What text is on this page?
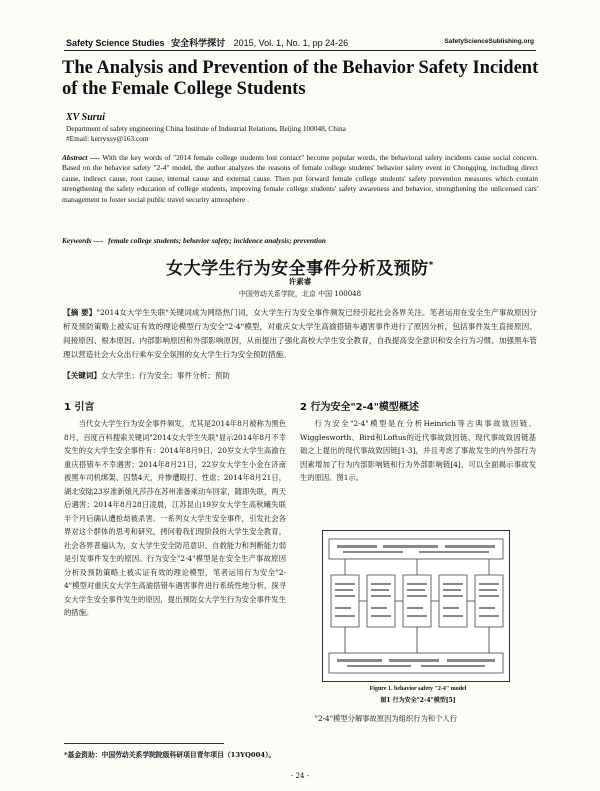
Safety Science Studies 安全科学探讨 2015, Vol. 1, No. 1, pp 24-26	SafetyScienceSublishing.org
The Analysis and Prevention of the Behavior Safety Incident of the Female College Students
XV Surui
Department of safety engineering China Institute of Industrial Relations, Beijing 100048, China
#Email: kerryxsy@163.com

Abstract ---- With the key words of "2014 female college students lost contact" become popular words, the behavioral safety incidents cause social concern. Based on the behavior safety "2-4" model, the author analyzes the reasons of female college students' behavior safety event in Chongqing, including direct cause, indirect cause, root cause, internal cause and external cause. Then put forward female college students' safety prevention measures which contain strengthening the safety education of college students, improving female college students' safety awareness and behavior, strengthening the unlicensed cars' management to foster social public travel security atmosphere .

Keywords ---- female college students; behavior safety; incidence analysis; prevention
女大学生行为安全事件分析及预防*
许素睿
中国劳动关系学院，北京 中国 100048

【摘 要】"2014女大学生失联"关键词成为网络热门词，女大学生行为安全事件频发已经引起社会各界关注。笔者运用在安全生产事故原因分析及预防策略上被实证有效的理论模型行为安全"2-4"模型，对重庆女大学生高渝搭错车遇害事件进行了原因分析，包括事件发生直接原因、间接原因、根本原因、内部影响原因和外部影响原因，从而提出了强化高校大学生安全教育，自我提高安全意识和安全行为习惯、加强黑车管理以营造社会大众出行乘车安全氛围的女大学生行为安全预防措施。

【关键词】女大学生；行为安全；事件分析；预防
1 引言

当代女大学生行为安全事件频发，尤其是2014年8月被称为黑色8月，百度百科搜索关键词"2014女大学生失联"显示2014年8月不幸发生的女大学生安全事件有：2014年8月9日，20岁女大学生高渝在重庆搭错车不幸遇害；2014年8月21日，22岁女大学生小金在济南被黑车司机绑架、囚禁4天，并惨遭殴打、性虐；2014年8月21日，湖北安陆23岁准新娘凡莎莎在苏州准备乘动车回家，随即失联，两天后遇害；2014年8月28日凌晨，江苏昆山19岁女大学生高秋曦失联半个月后确认遭抢劫被杀害。一系列女大学生安全事件，引发社会各界对这个群体的思考和研究，拷问着我们现阶段的大学生安全教育，社会各界普遍认为，女大学生安全防范意识、自救能力和判断能力弱是引发事件发生的原因。行为安全"2-4"模型是在安全生产事故原因分析及预防策略上被实证有效的理论模型，笔者运用行为安全"2-4"模型对重庆女大学生高渝搭错车遇害事件进行系统性地分析，探寻女大学生安全事件发生的原因，提出预防女大学生行为安全事件发生的措施。

2 行为安全"2-4"模型概述

行为安全"2-4"模型是在分析Heinrich等古典事故致因链、Wigglesworth、Bird和Loftus的近代事故致因链、现代事故致因链基础之上提出的现代事故致因链[1-3]，并且考虑了事故发生的内外部行为因素增加了行为内部影响链和行为外部影响链[4]，可以全面揭示事故发生的原因。图1示。

Figure 1. behavior safety "2-4" model
图1 行为安全"2-4"模型[5]
"2-4"模型分解事故原因为组织行为和个人行
*基金资助：中国劳动关系学院院级科研项目青年项目（13YQ004）。
- 24 -
